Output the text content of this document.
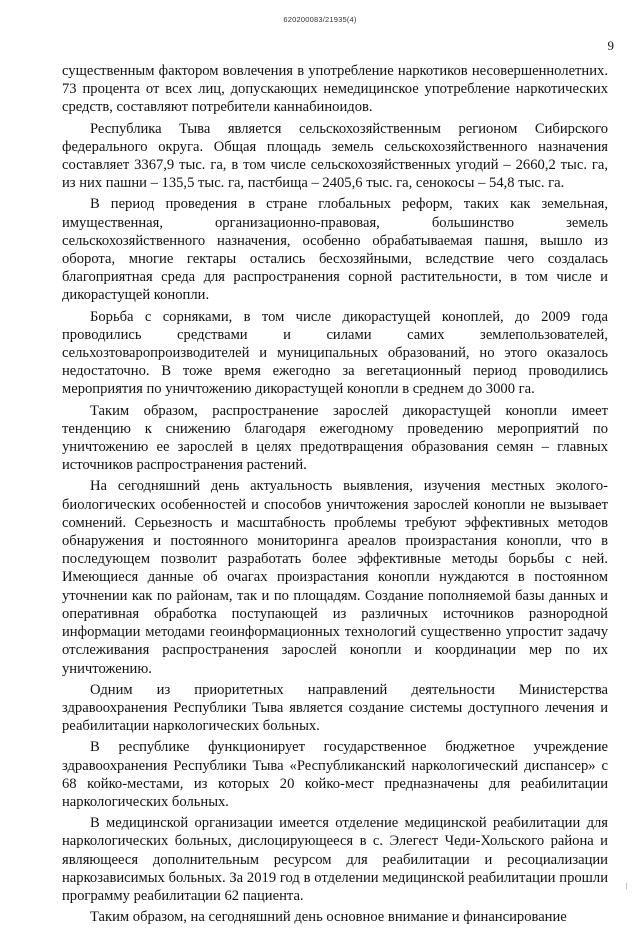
620200083/21935(4)
9

существенным фактором вовлечения в употребление наркотиков несовершеннолетних. 73 процента от всех лиц, допускающих немедицинское употребление наркотических средств, составляют потребители каннабиноидов.

Республика Тыва является сельскохозяйственным регионом Сибирского федерального округа. Общая площадь земель сельскохозяйственного назначения составляет 3367,9 тыс. га, в том числе сельскохозяйственных угодий – 2660,2 тыс. га, из них пашни – 135,5 тыс. га, пастбища – 2405,6 тыс. га, сенокосы – 54,8 тыс. га.

В период проведения в стране глобальных реформ, таких как земельная, имущественная, организационно-правовая, большинство земель сельскохозяйственного назначения, особенно обрабатываемая пашня, вышло из оборота, многие гектары остались бесхозяйными, вследствие чего создалась благоприятная среда для распространения сорной растительности, в том числе и дикорастущей конопли.

Борьба с сорняками, в том числе дикорастущей коноплей, до 2009 года проводились средствами и силами самих землепользователей, сельхозтоваропроизводителей и муниципальных образований, но этого оказалось недостаточно. В тоже время ежегодно за вегетационный период проводились мероприятия по уничтожению дикорастущей конопли в среднем до 3000 га.

Таким образом, распространение зарослей дикорастущей конопли имеет тенденцию к снижению благодаря ежегодному проведению мероприятий по уничтожению ее зарослей в целях предотвращения образования семян – главных источников распространения растений.

На сегодняшний день актуальность выявления, изучения местных эколого-биологических особенностей и способов уничтожения зарослей конопли не вызывает сомнений. Серьезность и масштабность проблемы требуют эффективных методов обнаружения и постоянного мониторинга ареалов произрастания конопли, что в последующем позволит разработать более эффективные методы борьбы с ней. Имеющиеся данные об очагах произрастания конопли нуждаются в постоянном уточнении как по районам, так и по площадям. Создание пополняемой базы данных и оперативная обработка поступающей из различных источников разнородной информации методами геоинформационных технологий существенно упростит задачу отслеживания распространения зарослей конопли и координации мер по их уничтожению.

Одним из приоритетных направлений деятельности Министерства здравоохранения Республики Тыва является создание системы доступного лечения и реабилитации наркологических больных.

В республике функционирует государственное бюджетное учреждение здравоохранения Республики Тыва «Республиканский наркологический диспансер» с 68 койко-местами, из которых 20 койко-мест предназначены для реабилитации наркологических больных.

В медицинской организации имеется отделение медицинской реабилитации для наркологических больных, дислоцирующееся в с. Элегест Чеди-Хольского района и являющееся дополнительным ресурсом для реабилитации и ресоциализации наркозависимых больных. За 2019 год в отделении медицинской реабилитации прошли программу реабилитации 62 пациента.

Таким образом, на сегодняшний день основное внимание и финансирование

/
